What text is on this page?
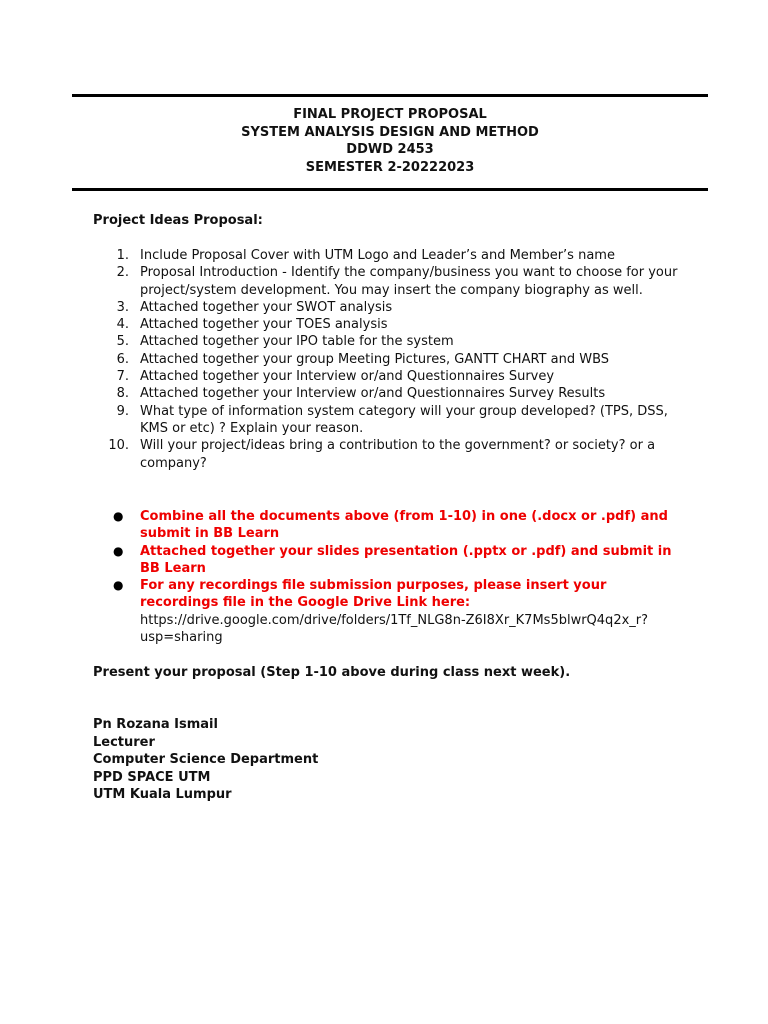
FINAL PROJECT PROPOSAL
SYSTEM ANALYSIS DESIGN AND METHOD
DDWD 2453
SEMESTER 2-20222023
Project Ideas Proposal:
1. Include Proposal Cover with UTM Logo and Leader’s and Member’s name
2. Proposal Introduction - Identify the company/business you want to choose for your project/system development. You may insert the company biography as well.
3. Attached together your SWOT analysis
4. Attached together your TOES analysis
5. Attached together your IPO table for the system
6. Attached together your group Meeting Pictures, GANTT CHART and WBS
7. Attached together your Interview or/and Questionnaires Survey
8. Attached together your Interview or/and Questionnaires Survey Results
9. What type of information system category will your group developed? (TPS, DSS, KMS or etc) ? Explain your reason.
10. Will your project/ideas bring a contribution to the government? or society? or a company?
● Combine all the documents above (from 1-10) in one (.docx or .pdf) and submit in BB Learn
● Attached together your slides presentation (.pptx or .pdf) and submit in BB Learn
● For any recordings file submission purposes, please insert your recordings file in the Google Drive Link here: https://drive.google.com/drive/folders/1Tf_NLG8n-Z6I8Xr_K7Ms5blwrQ4q2x_r?usp=sharing
Present your proposal (Step 1-10 above during class next week).
Pn Rozana Ismail
Lecturer
Computer Science Department
PPD SPACE UTM
UTM Kuala Lumpur
